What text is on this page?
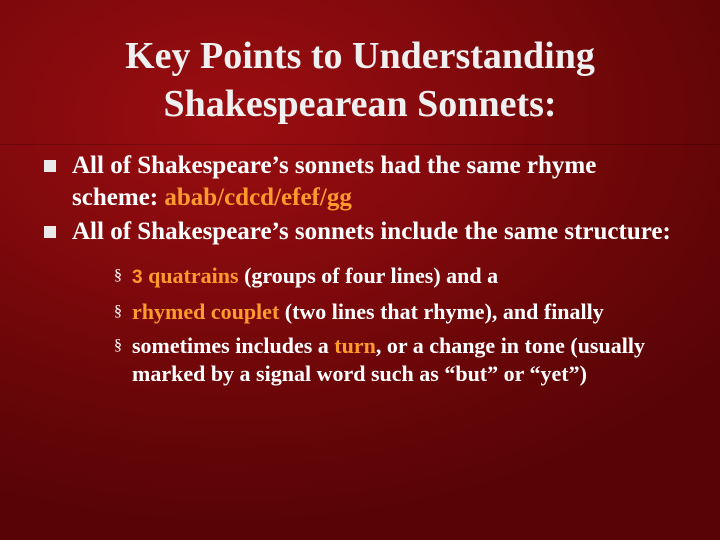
Key Points to Understanding
Shakespearean Sonnets:
All of Shakespeare’s sonnets had the same rhyme scheme: abab/cdcd/efef/gg
All of Shakespeare’s sonnets include the same structure:
§ 3 quatrains (groups of four lines) and a
§ rhymed couplet (two lines that rhyme), and finally
§ sometimes includes a turn, or a change in tone (usually marked by a signal word such as “but” or “yet”)
